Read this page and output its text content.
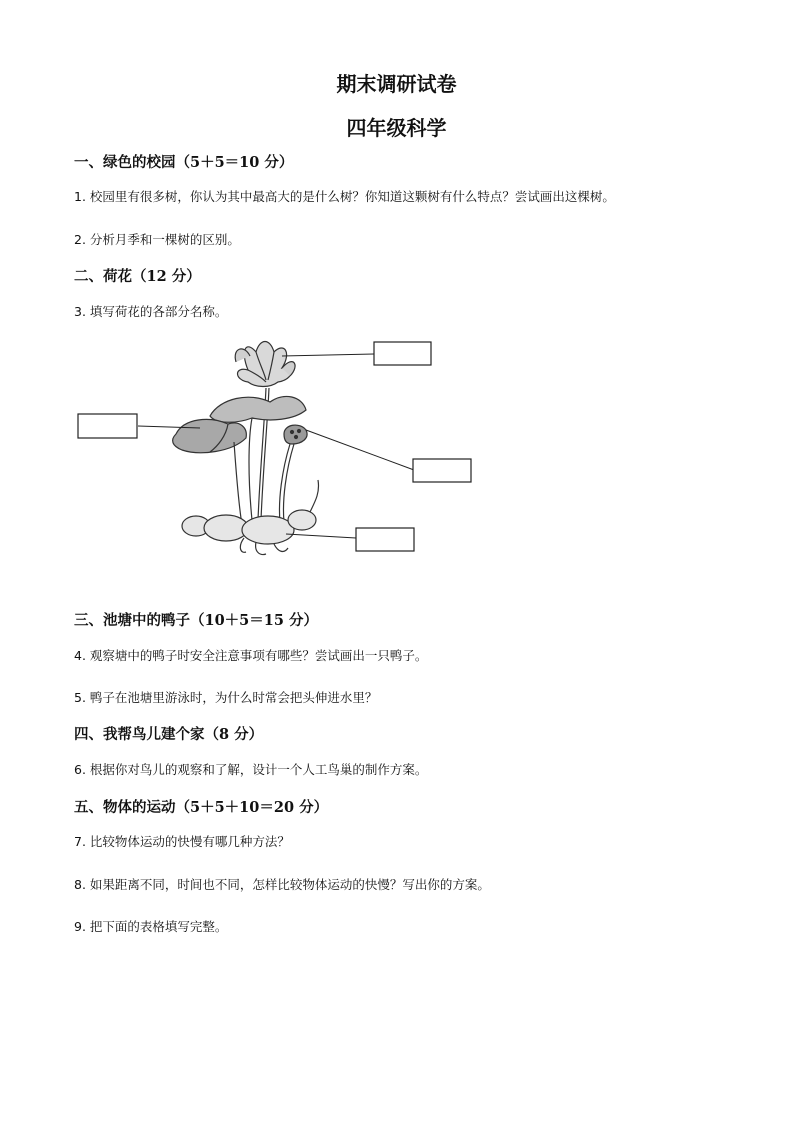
期末调研试卷
四年级科学
一、绿色的校园（5＋5＝10 分）

1. 校园里有很多树，你认为其中最高大的是什么树？你知道这颗树有什么特点？尝试画出这棵树。

2. 分析月季和一棵树的区别。

二、荷花（12 分）

3. 填写荷花的各部分名称。

三、池塘中的鸭子（10＋5＝15 分）

4. 观察塘中的鸭子时安全注意事项有哪些？尝试画出一只鸭子。

5. 鸭子在池塘里游泳时，为什么时常会把头伸进水里？

四、我帮鸟儿建个家（8 分）

6. 根据你对鸟儿的观察和了解，设计一个人工鸟巢的制作方案。

五、物体的运动（5＋5＋10＝20 分）

7. 比较物体运动的快慢有哪几种方法？

8. 如果距离不同，时间也不同，怎样比较物体运动的快慢？写出你的方案。

9. 把下面的表格填写完整。
